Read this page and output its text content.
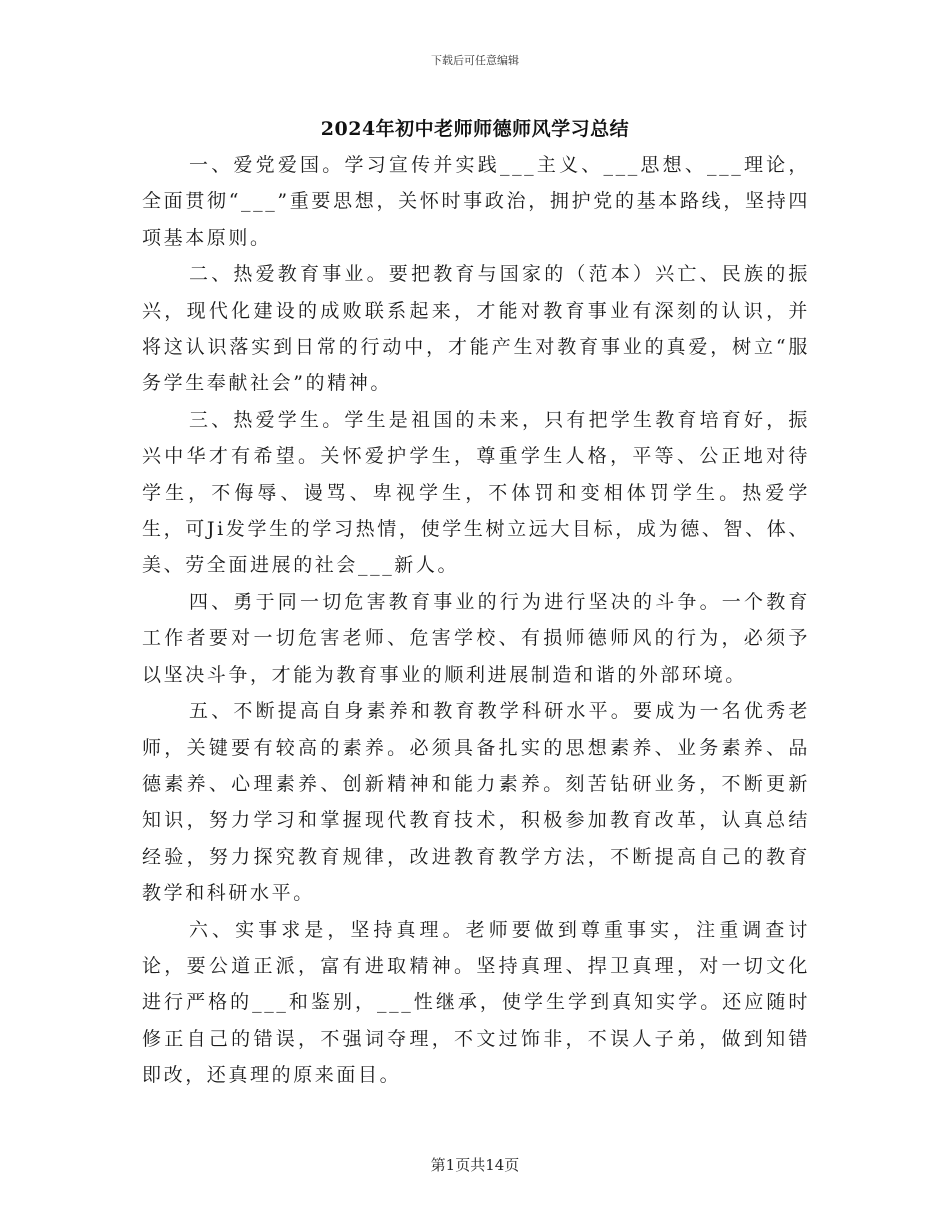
下载后可任意编辑
2024年初中老师师德师风学习总结

一、爱党爱国。学习宣传并实践___主义、___思想、___理论，全面贯彻“___”重要思想，关怀时事政治，拥护党的基本路线，坚持四项基本原则。

二、热爱教育事业。要把教育与国家的（范本）兴亡、民族的振兴，现代化建设的成败联系起来，才能对教育事业有深刻的认识，并将这认识落实到日常的行动中，才能产生对教育事业的真爱，树立“服务学生奉献社会”的精神。

三、热爱学生。学生是祖国的未来，只有把学生教育培育好，振兴中华才有希望。关怀爱护学生，尊重学生人格，平等、公正地对待学生，不侮辱、谩骂、卑视学生，不体罚和变相体罚学生。热爱学生，可Ji发学生的学习热情，使学生树立远大目标，成为德、智、体、美、劳全面进展的社会___新人。

四、勇于同一切危害教育事业的行为进行坚决的斗争。一个教育工作者要对一切危害老师、危害学校、有损师德师风的行为，必须予以坚决斗争，才能为教育事业的顺利进展制造和谐的外部环境。

五、不断提高自身素养和教育教学科研水平。要成为一名优秀老师，关键要有较高的素养。必须具备扎实的思想素养、业务素养、品德素养、心理素养、创新精神和能力素养。刻苦钻研业务，不断更新知识，努力学习和掌握现代教育技术，积极参加教育改革，认真总结经验，努力探究教育规律，改进教育教学方法，不断提高自己的教育教学和科研水平。

六、实事求是，坚持真理。老师要做到尊重事实，注重调查讨论，要公道正派，富有进取精神。坚持真理、捍卫真理，对一切文化进行严格的___和鉴别，___性继承，使学生学到真知实学。还应随时修正自己的错误，不强词夺理，不文过饰非，不误人子弟，做到知错即改，还真理的原来面目。

第1页共14页
